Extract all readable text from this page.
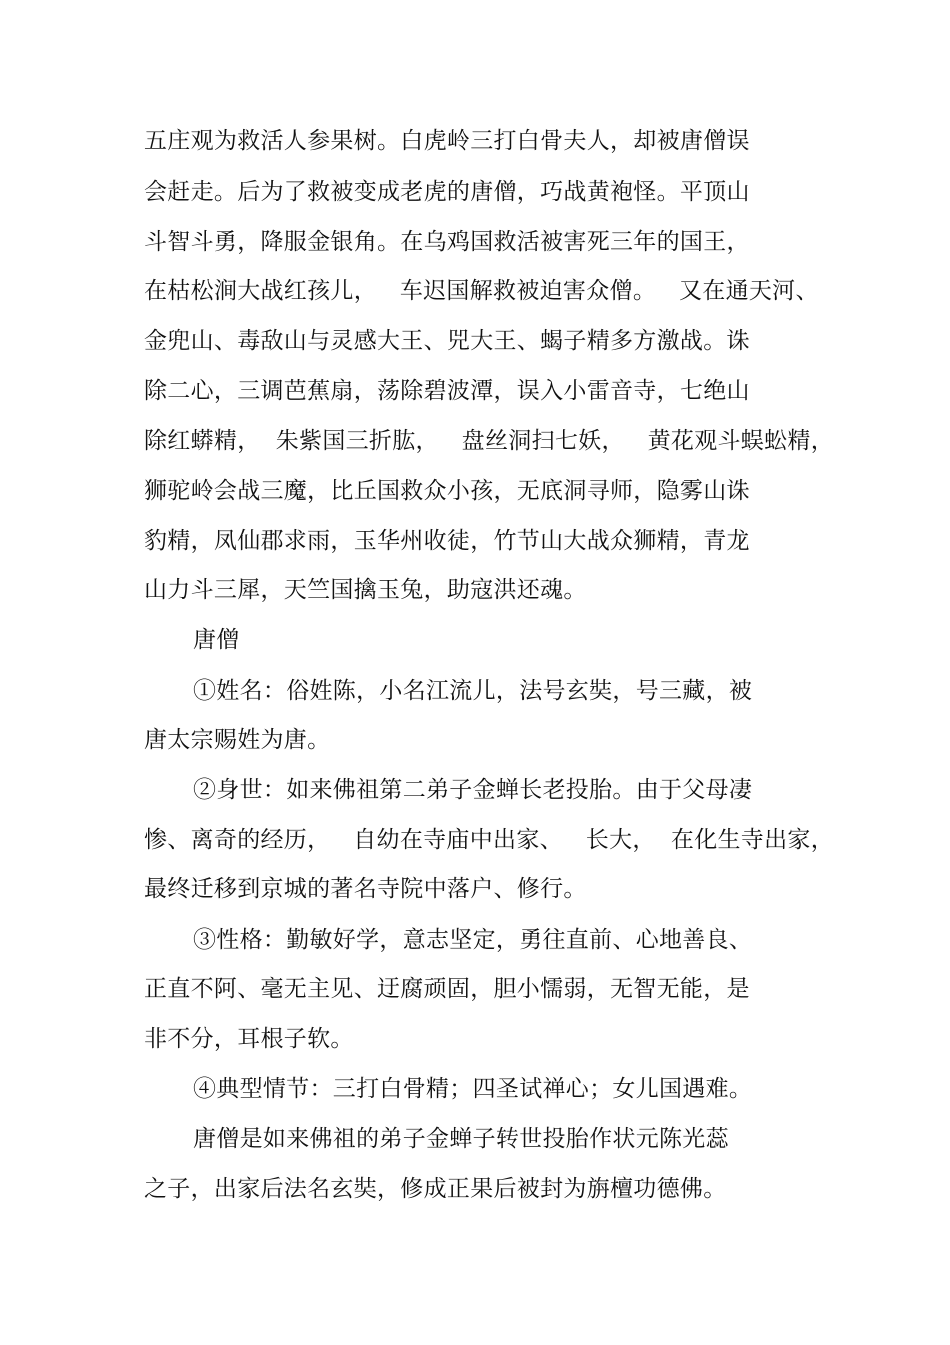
五庄观为救活人参果树。白虎岭三打白骨夫人，却被唐僧误
会赶走。后为了救被变成老虎的唐僧，巧战黄袍怪。平顶山
斗智斗勇，降服金银角。在乌鸡国救活被害死三年的国王，
在枯松涧大战红孩儿，   车迟国解救被迫害众僧。   又在通天河、
金兜山、毒敌山与灵感大王、兕大王、蝎子精多方激战。诛
除二心，三调芭蕉扇，荡除碧波潭，误入小雷音寺，七绝山
除红蟒精，  朱紫国三折肱，   盘丝洞扫七妖，   黄花观斗蜈蚣精，
狮驼岭会战三魔，比丘国救众小孩，无底洞寻师，隐雾山诛
豹精，凤仙郡求雨，玉华州收徒，竹节山大战众狮精，青龙
山力斗三犀，天竺国擒玉兔，助寇洪还魂。
唐僧
①姓名：俗姓陈，小名江流儿，法号玄奘，号三藏，被
唐太宗赐姓为唐。
②身世：如来佛祖第二弟子金蝉长老投胎。由于父母凄
惨、离奇的经历，   自幼在寺庙中出家、   长大，  在化生寺出家，
最终迁移到京城的著名寺院中落户、修行。
③性格：勤敏好学，意志坚定，勇往直前、心地善良、
正直不阿、毫无主见、迂腐顽固，胆小懦弱，无智无能，是
非不分，耳根子软。
④典型情节：三打白骨精；四圣试禅心；女儿国遇难。
唐僧是如来佛祖的弟子金蝉子转世投胎作状元陈光蕊
之子，出家后法名玄奘，修成正果后被封为旃檀功德佛。
